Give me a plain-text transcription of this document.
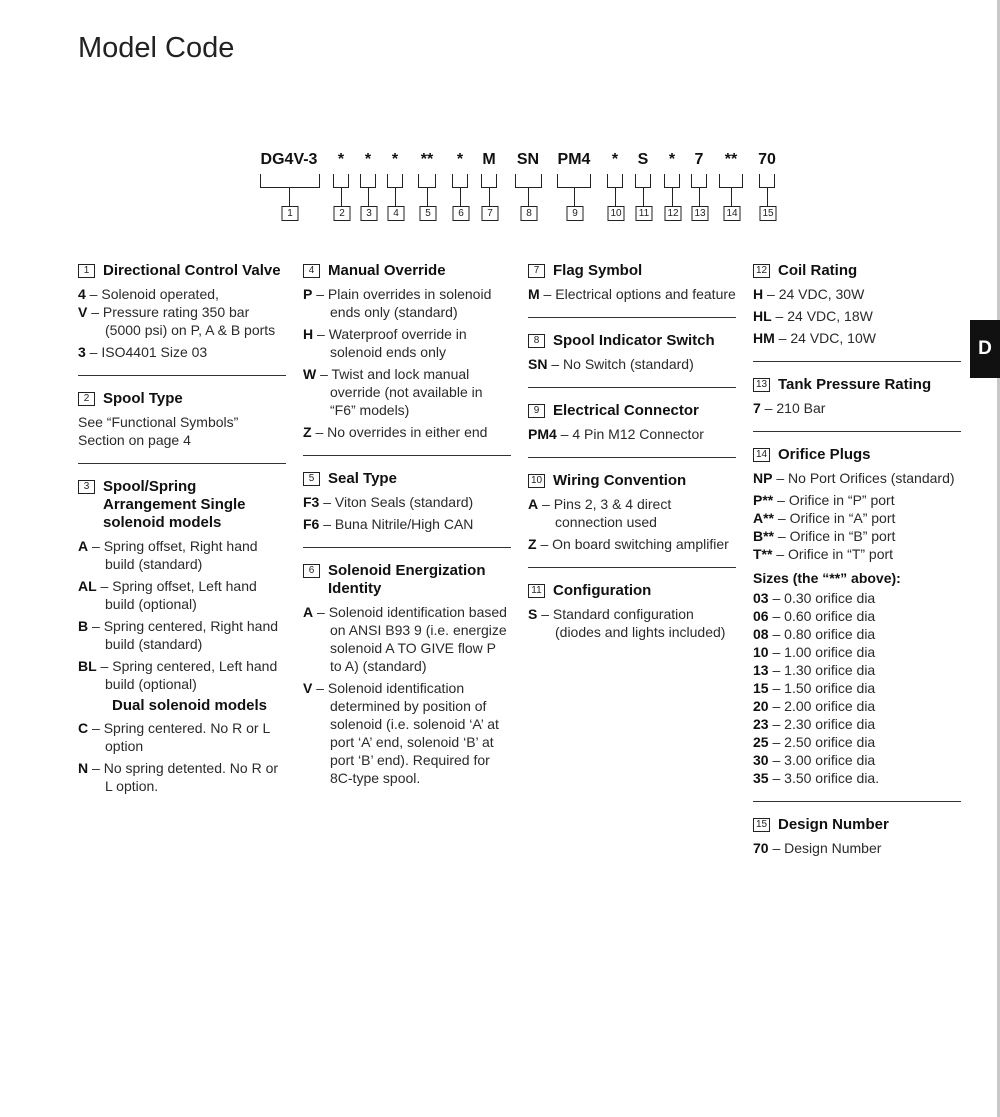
Model Code
D
DG4V-3 * * * ** * M SN PM4 * S * 7 ** 70
1	2	3	4	5	6	7	8	9	10	11	12 13 14 15
1 Directional Control Valve
4 – Solenoid operated,
V – Pressure rating 350 bar (5000 psi) on P, A & B ports
3 – ISO4401 Size 03
2 Spool Type
See “Functional Symbols” Section on page 4
3 Spool/Spring Arrangement Single solenoid models
A – Spring offset, Right hand build (standard)
AL – Spring offset, Left hand build (optional)
B – Spring centered, Right hand build (standard)
BL – Spring centered, Left hand build (optional)
Dual solenoid models
C – Spring centered. No R or L option
N – No spring detented. No R or L option.
4 Manual Override
P – Plain overrides in solenoid ends only (standard)
H – Waterproof override in solenoid ends only
W – Twist and lock manual override (not available in “F6” models)
Z – No overrides in either end
5 Seal Type
F3 – Viton Seals (standard)
F6 – Buna Nitrile/High CAN
6 Solenoid Energization Identity
A – Solenoid identification based on ANSI B93 9 (i.e. energize solenoid A TO GIVE flow P to A) (standard)
V – Solenoid identification determined by position of solenoid (i.e. solenoid ‘A’ at port ‘A’ end, solenoid ‘B’ at port ‘B’ end). Required for 8C-type spool.
7 Flag Symbol
M – Electrical options and feature
8 Spool Indicator Switch
SN – No Switch (standard)
9 Electrical Connector
PM4 – 4 Pin M12 Connector
10 Wiring Convention
A – Pins 2, 3 & 4 direct connection used
Z – On board switching amplifier
11 Configuration
S – Standard configuration (diodes and lights included)
12 Coil Rating
H – 24 VDC, 30W
HL – 24 VDC, 18W
HM – 24 VDC, 10W
13 Tank Pressure Rating
7 – 210 Bar
14 Orifice Plugs
NP – No Port Orifices (standard)
P** – Orifice in “P” port
A** – Orifice in “A” port
B** – Orifice in “B” port
T** – Orifice in “T” port
Sizes (the “**” above):
03 – 0.30 orifice dia
06 – 0.60 orifice dia
08 – 0.80 orifice dia
10 – 1.00 orifice dia
13 – 1.30 orifice dia
15 – 1.50 orifice dia
20 – 2.00 orifice dia
23 – 2.30 orifice dia
25 – 2.50 orifice dia
30 – 3.00 orifice dia
35 – 3.50 orifice dia.
15 Design Number
70 – Design Number
